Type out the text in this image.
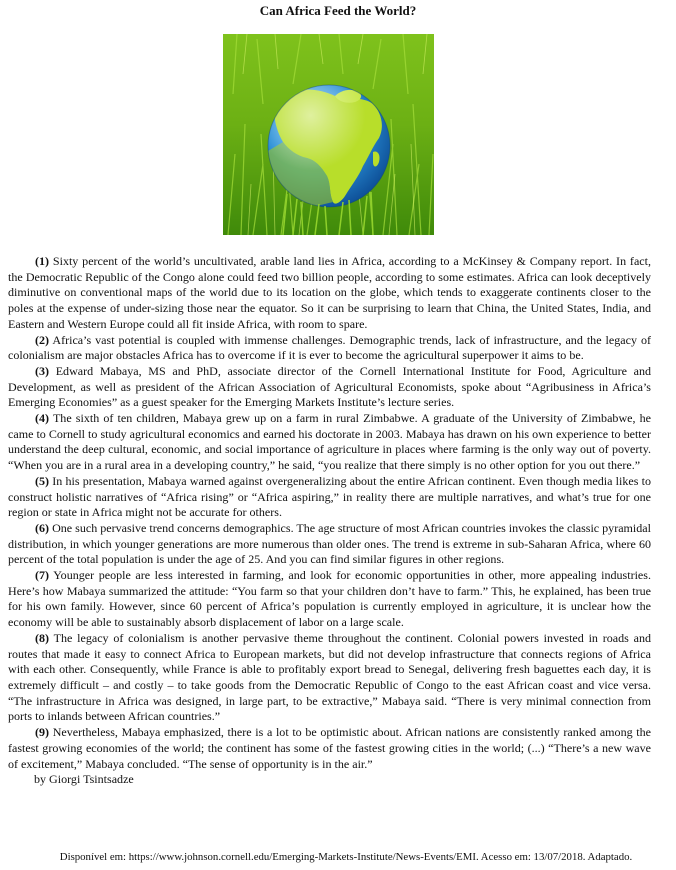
Can Africa Feed the World?

(1) Sixty percent of the world’s uncultivated, arable land lies in Africa, according to a McKinsey & Company report. In fact, the Democratic Republic of the Congo alone could feed two billion people, according to some estimates. Africa can look deceptively diminutive on conventional maps of the world due to its location on the globe, which tends to exaggerate continents closer to the poles at the expense of under-sizing those near the equator. So it can be surprising to learn that China, the United States, India, and Eastern and Western Europe could all fit inside Africa, with room to spare.

(2) Africa’s vast potential is coupled with immense challenges. Demographic trends, lack of infrastructure, and the legacy of colonialism are major obstacles Africa has to overcome if it is ever to become the agricultural superpower it aims to be.

(3) Edward Mabaya, MS and PhD, associate director of the Cornell International Institute for Food, Agriculture and Development, as well as president of the African Association of Agricultural Economists, spoke about “Agribusiness in Africa’s Emerging Economies” as a guest speaker for the Emerging Markets Institute’s lecture series.

(4) The sixth of ten children, Mabaya grew up on a farm in rural Zimbabwe. A graduate of the University of Zimbabwe, he came to Cornell to study agricultural economics and earned his doctorate in 2003. Mabaya has drawn on his own experience to better understand the deep cultural, economic, and social importance of agriculture in places where farming is the only way out of poverty. “When you are in a rural area in a developing country,” he said, “you realize that there simply is no other option for you out there.”

(5) In his presentation, Mabaya warned against overgeneralizing about the entire African continent. Even though media likes to construct holistic narratives of “Africa rising” or “Africa aspiring,” in reality there are multiple narratives, and what’s true for one region or state in Africa might not be accurate for others.

(6) One such pervasive trend concerns demographics. The age structure of most African countries invokes the classic pyramidal distribution, in which younger generations are more numerous than older ones. The trend is extreme in sub-Saharan Africa, where 60 percent of the total population is under the age of 25. And you can find similar figures in other regions.

(7) Younger people are less interested in farming, and look for economic opportunities in other, more appealing industries. Here’s how Mabaya summarized the attitude: “You farm so that your children don’t have to farm.” This, he explained, has been true for his own family. However, since 60 percent of Africa’s population is currently employed in agriculture, it is unclear how the economy will be able to sustainably absorb displacement of labor on a large scale.

(8) The legacy of colonialism is another pervasive theme throughout the continent. Colonial powers invested in roads and routes that made it easy to connect Africa to European markets, but did not develop infrastructure that connects regions of Africa with each other. Consequently, while France is able to profitably export bread to Senegal, delivering fresh baguettes each day, it is extremely difficult – and costly – to take goods from the Democratic Republic of Congo to the east African coast and vice versa. “The infrastructure in Africa was designed, in large part, to be extractive,” Mabaya said. “There is very minimal connection from ports to inlands between African countries.”

(9) Nevertheless, Mabaya emphasized, there is a lot to be optimistic about. African nations are consistently ranked among the fastest growing economies of the world; the continent has some of the fastest growing cities in the world; (...) “There’s a new wave of excitement,” Mabaya concluded. “The sense of opportunity is in the air.”

by Giorgi Tsintsadze
Disponível em: https://www.johnson.cornell.edu/Emerging-Markets-Institute/News-Events/EMI. Acesso em: 13/07/2018. Adaptado.
